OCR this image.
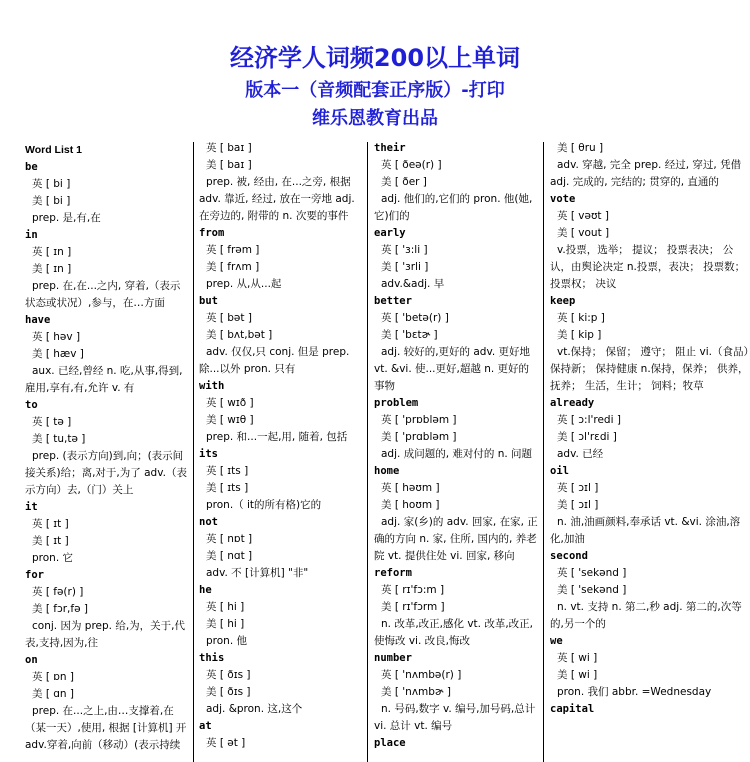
经济学人词频200以上单词
版本一（音频配套正序版）-打印
维乐恩教育出品
Word List 1
be
英 [ bi ]
美 [ bi ]
prep. 是,有,在
in
英 [ ɪn ]
美 [ ɪn ]
prep. 在,在...之内, 穿着,（表示状态或状况）,参与，在…方面
have
英 [ həv ]
美 [ hæv ]
aux. 已经,曾经 n. 吃,从事,得到,雇用,享有,有,允许 v. 有
to
英 [ tə ]
美 [ tu,tə ]
prep. (表示方向)到,向；(表示间接关系)给；离,对于,为了 adv.（表示方向）去,（门）关上
it
英 [ ɪt ]
美 [ ɪt ]
pron. 它
for
英 [ fə(r) ]
美 [ fɔr,fə ]
conj. 因为 prep. 给,为，关于,代表,支持,因为,往
on
英 [ ɒn ]
美 [ ɑn ]
prep. 在...之上,由…支撑着,在（某一天）,使用, 根据 [计算机] 开 adv.穿着,向前（移动）(表示持续
英 [ baɪ ]
美 [ baɪ ]
prep. 被, 经由, 在...之旁, 根据 adv. 靠近, 经过, 放在一旁地 adj. 在旁边的, 附带的 n. 次要的事件
from
英 [ frəm ]
美 [ frʌm ]
prep. 从,从...起
but
英 [ bət ]
美 [ bʌt,bət ]
adv. 仅仅,只 conj. 但是 prep. 除...以外 pron. 只有
with
英 [ wɪð ]
美 [ wɪθ ]
prep. 和...一起,用, 随着, 包括
its
英 [ ɪts ]
美 [ ɪts ]
pron.（ it的所有格)它的
not
英 [ nɒt ]
美 [ nɑt ]
adv. 不 [计算机] "非"
he
英 [ hi ]
美 [ hi ]
pron. 他
this
英 [ ðɪs ]
美 [ ðɪs ]
adj. &pron. 这,这个
at
英 [ ət ]
their
英 [ ðeə(r) ]
美 [ ðer ]
adj. 他们的,它们的 pron. 他(她,它)们的
early
英 [ 'ɜ:li ]
美 [ 'ɜrli ]
adv.&adj. 早
better
英 [ 'betə(r) ]
美 [ 'bɛtɚ ]
adj. 较好的,更好的 adv. 更好地 vt. &vi. 使...更好,超越 n. 更好的事物
problem
英 [ 'prɒbləm ]
美 [ 'prɑbləm ]
adj. 成问题的, 难对付的 n. 问题
home
英 [ həʊm ]
美 [ hoʊm ]
adj. 家(乡)的 adv. 回家, 在家, 正确的方向 n. 家, 住所, 国内的, 养老院 vt. 提供住处 vi. 回家, 移向
reform
英 [ rɪ'fɔ:m ]
美 [ rɪ'fɔrm ]
n. 改革,改正,感化 vt. 改革,改正,使悔改 vi. 改良,悔改
number
英 [ 'nʌmbə(r) ]
美 [ 'nʌmbɚ ]
n. 号码,数字 v. 编号,加号码,总计 vi. 总计 vt. 编号
place
美 [ θru ]
adv. 穿越, 完全 prep. 经过, 穿过, 凭借 adj. 完成的, 完结的; 贯穿的, 直通的
vote
英 [ vəʊt ]
美 [ vout ]
v.投票，选举； 提议； 投票表决； 公认，由舆论决定 n.投票，表决； 投票数； 投票权； 决议
keep
英 [ ki:p ]
美 [ kip ]
vt.保持； 保留； 遵守； 阻止 vi.（食品）保持新； 保持健康 n.保持，保养； 供养，抚养； 生活，生计； 饲料；牧草
already
英 [ ɔ:l'redi ]
美 [ ɔl'rɛdi ]
adv. 已经
oil
英 [ ɔɪl ]
美 [ ɔɪl ]
n. 油,油画颜料,奉承话 vt. &vi. 涂油,溶化,加油
second
英 [ 'sekənd ]
美 [ 'sekənd ]
n. vt. 支持 n. 第二,秒 adj. 第二的,次等的,另一个的
we
英 [ wi ]
美 [ wi ]
pron. 我们 abbr. =Wednesday
capital
